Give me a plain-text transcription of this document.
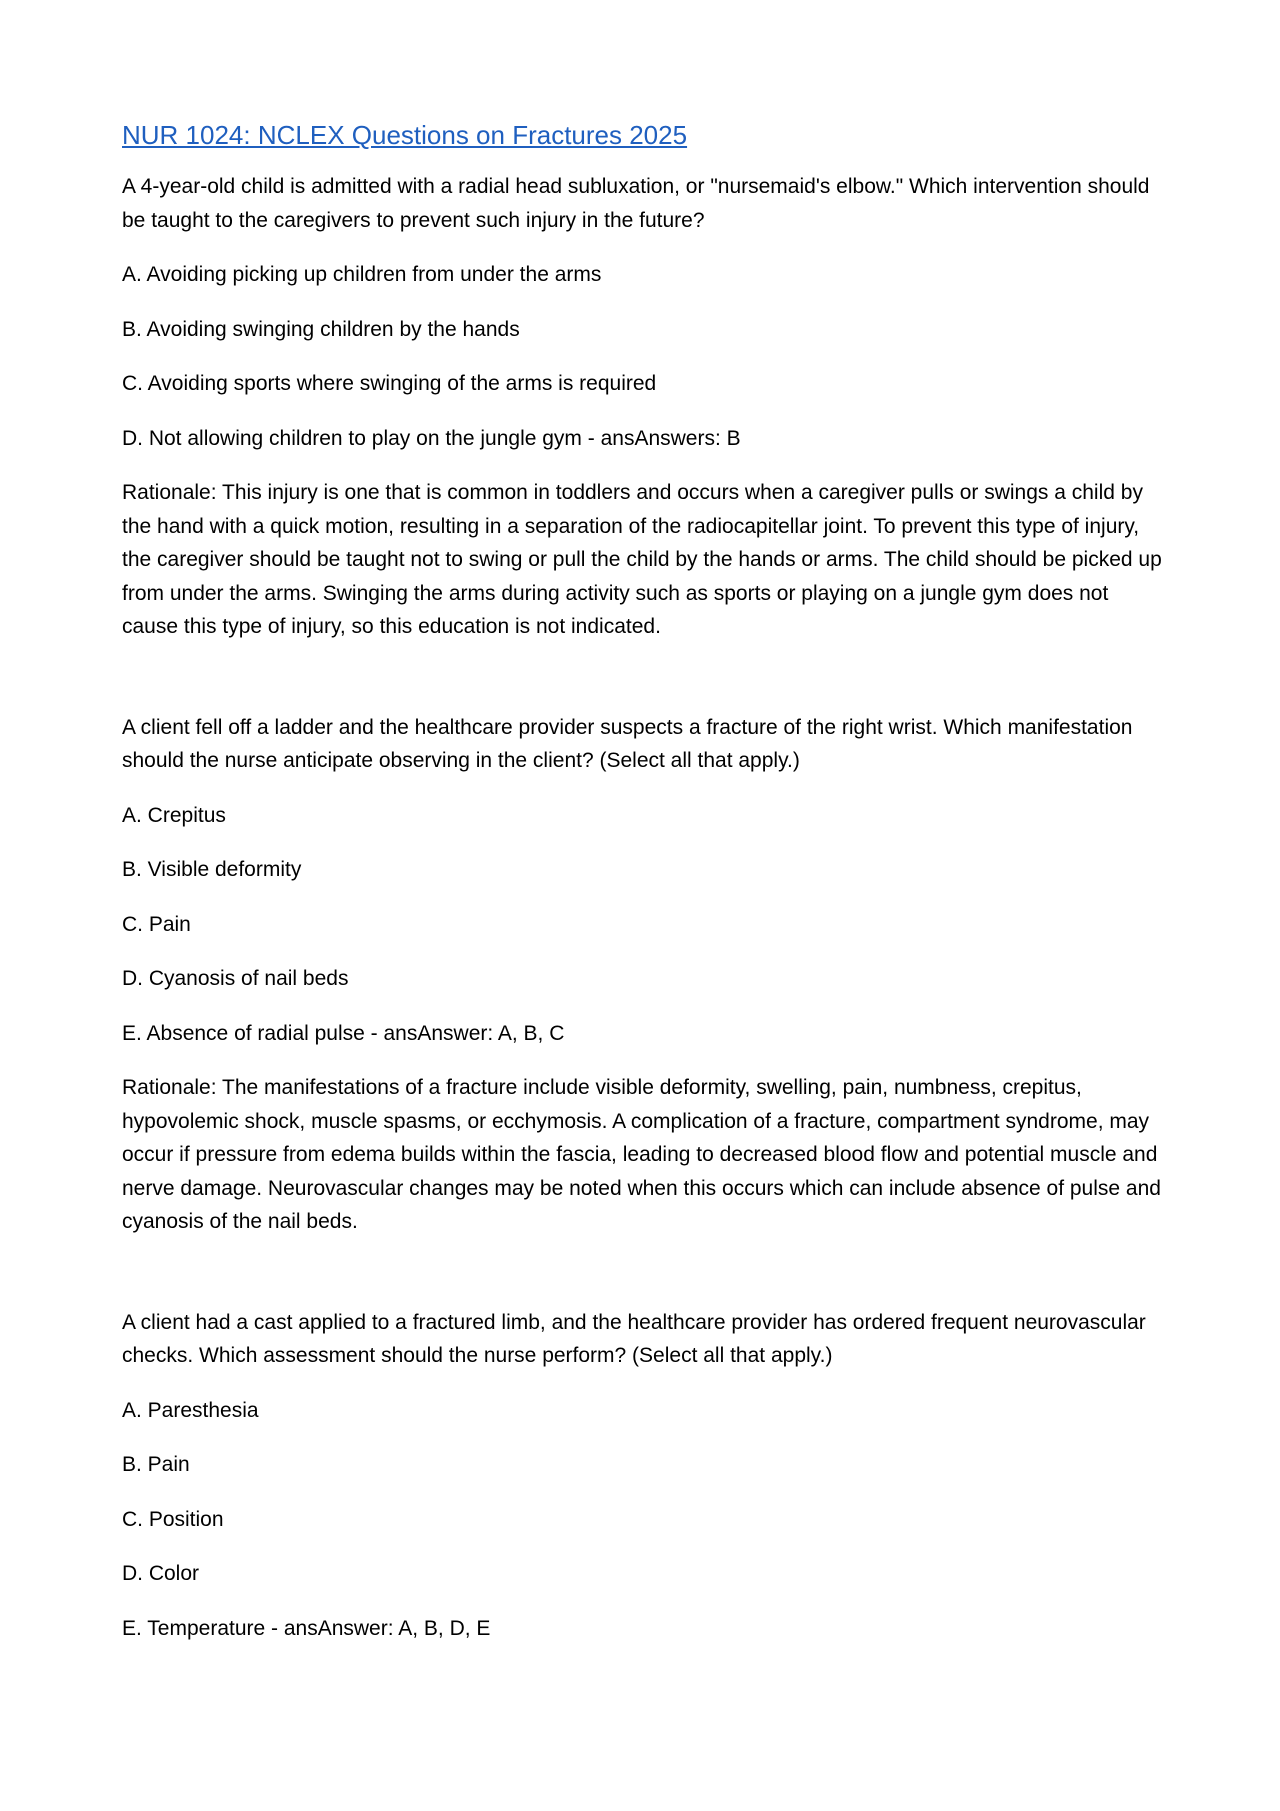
NUR 1024: NCLEX Questions on Fractures 2025

A 4-year-old child is admitted with a radial head subluxation, or "nursemaid's elbow." Which intervention should be taught to the caregivers to prevent such injury in the future?

A. Avoiding picking up children from under the arms

B. Avoiding swinging children by the hands

C. Avoiding sports where swinging of the arms is required

D. Not allowing children to play on the jungle gym - ansAnswers: B

Rationale: This injury is one that is common in toddlers and occurs when a caregiver pulls or swings a child by the hand with a quick motion, resulting in a separation of the radiocapitellar joint. To prevent this type of injury, the caregiver should be taught not to swing or pull the child by the hands or arms. The child should be picked up from under the arms. Swinging the arms during activity such as sports or playing on a jungle gym does not cause this type of injury, so this education is not indicated.

A client fell off a ladder and the healthcare provider suspects a fracture of the right wrist. Which manifestation should the nurse anticipate observing in the client? (Select all that apply.)

A. Crepitus

B. Visible deformity

C. Pain

D. Cyanosis of nail beds

E. Absence of radial pulse - ansAnswer: A, B, C

Rationale: The manifestations of a fracture include visible deformity, swelling, pain, numbness, crepitus, hypovolemic shock, muscle spasms, or ecchymosis. A complication of a fracture, compartment syndrome, may occur if pressure from edema builds within the fascia, leading to decreased blood flow and potential muscle and nerve damage. Neurovascular changes may be noted when this occurs which can include absence of pulse and cyanosis of the nail beds.

A client had a cast applied to a fractured limb, and the healthcare provider has ordered frequent neurovascular checks. Which assessment should the nurse perform? (Select all that apply.)

A. Paresthesia

B. Pain

C. Position

D. Color

E. Temperature - ansAnswer: A, B, D, E
